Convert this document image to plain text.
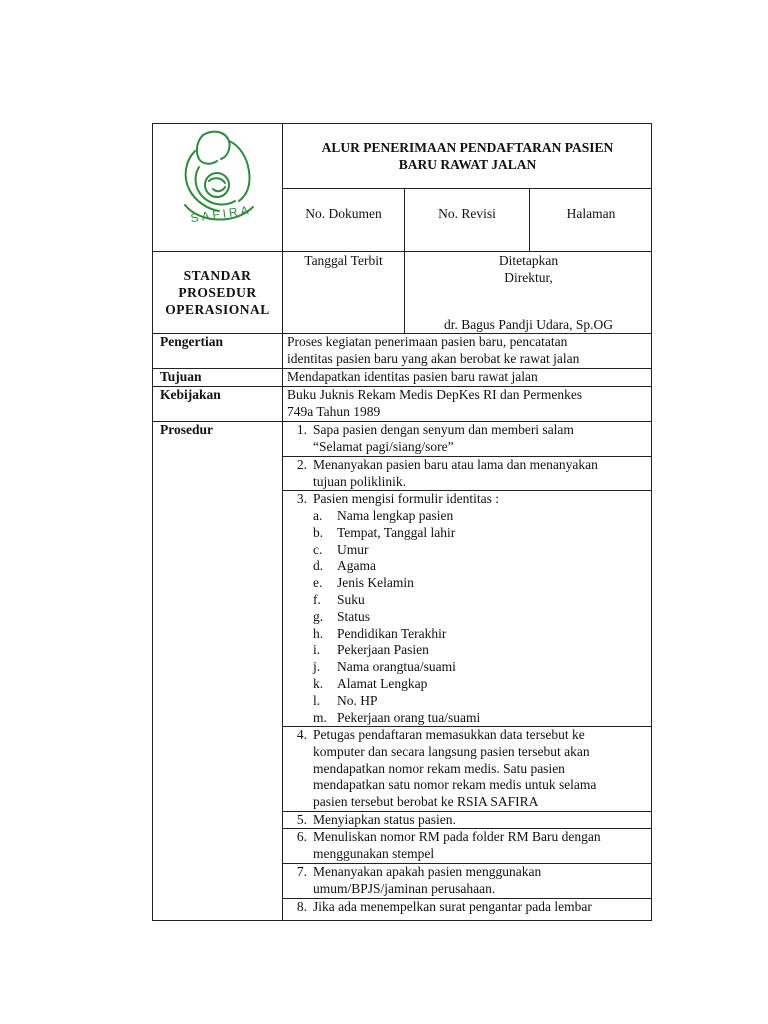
SAFIRA
ALUR PENERIMAAN PENDAFTARAN PASIEN
BARU RAWAT JALAN
No. Dokumen	No. Revisi	Halaman
STANDAR
PROSEDUR
OPERASIONAL
Tanggal Terbit	Ditetapkan
Direktur,
dr. Bagus Pandji Udara, Sp.OG
Pengertian	Proses kegiatan penerimaan pasien baru, pencatatan
identitas pasien baru yang akan berobat ke rawat jalan
Tujuan	Mendapatkan identitas pasien baru rawat jalan
Kebijakan	Buku Juknis Rekam Medis DepKes RI dan Permenkes
749a Tahun 1989
Prosedur	1. Sapa pasien dengan senyum dan memberi salam
“Selamat pagi/siang/sore”
2. Menanyakan pasien baru atau lama dan menanyakan
tujuan poliklinik.
3. Pasien mengisi formulir identitas :
a. Nama lengkap pasien
b. Tempat, Tanggal lahir
c. Umur
d. Agama
e. Jenis Kelamin
f. Suku
g. Status
h. Pendidikan Terakhir
i. Pekerjaan Pasien
j. Nama orangtua/suami
k. Alamat Lengkap
l. No. HP
m. Pekerjaan orang tua/suami
4. Petugas pendaftaran memasukkan data tersebut ke
komputer dan secara langsung pasien tersebut akan
mendapatkan nomor rekam medis. Satu pasien
mendapatkan satu nomor rekam medis untuk selama
pasien tersebut berobat ke RSIA SAFIRA
5. Menyiapkan status pasien.
6. Menuliskan nomor RM pada folder RM Baru dengan
menggunakan stempel
7. Menanyakan apakah pasien menggunakan
umum/BPJS/jaminan perusahaan.
8. Jika ada menempelkan surat pengantar pada lembar
